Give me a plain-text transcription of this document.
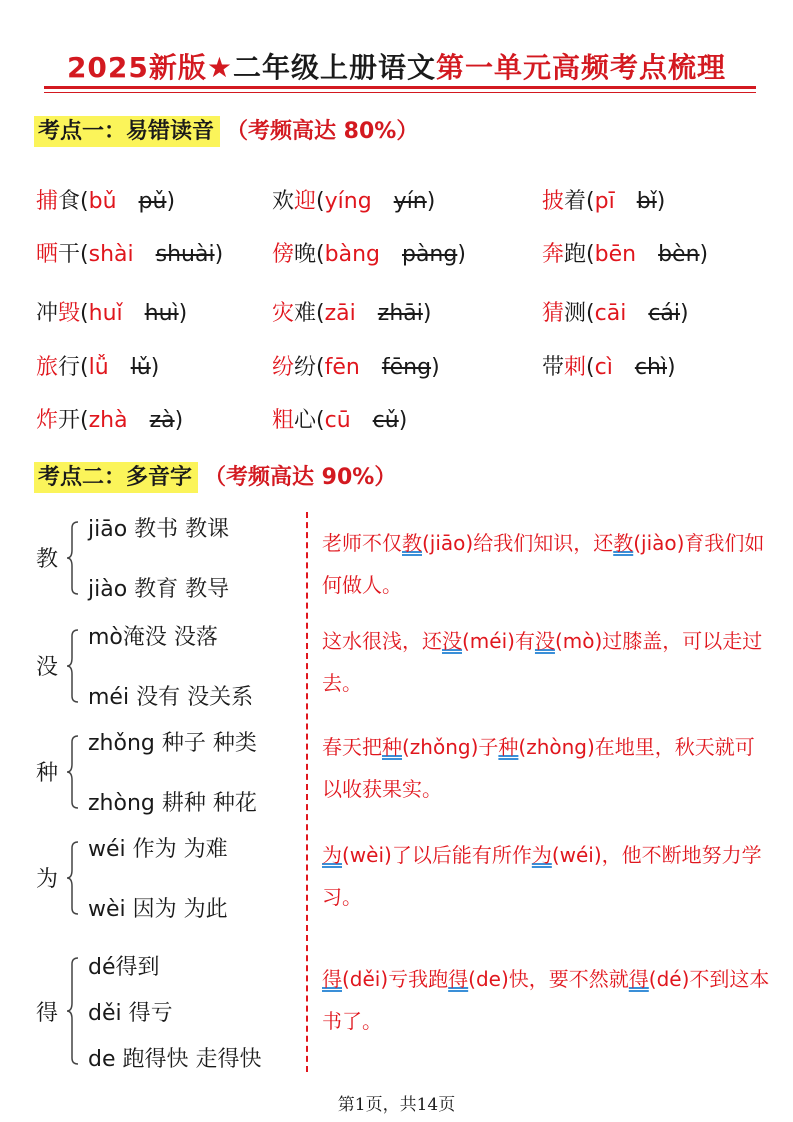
2025新版★二年级上册语文第一单元高频考点梳理
考点一：易错读音 （考频高达 80%）
捕食(bǔ pǔ)	欢迎(yíng yín)	披着(pī bǐ)
晒干(shài shuài) 傍晚(bàng pàng)	奔跑(bēn bèn)
冲毁(huǐ huì)	灾难(zāi zhāi)	猜测(cāi cái)
旅行(lǚ lǔ)	纷纷(fēn fēng)	带刺(cì chì)
炸开(zhà zà)	粗心(cū cǔ)
考点二：多音字 （考频高达 90%）
教
jiāo 教书 教课
jiào 教育 教导
老师不仅教(jiāo)给我们知识，还教(jiào)育我们如何做人。
没
mò淹没 没落
méi 没有 没关系
这水很浅，还没(méi)有没(mò)过膝盖，可以走过去。
种
zhǒng 种子 种类
zhòng 耕种 种花
春天把种(zhǒng)子种(zhòng)在地里，秋天就可以收获果实。
为
wéi 作为 为难
wèi 因为 为此
为(wèi)了以后能有所作为(wéi)，他不断地努力学习。
得
dé得到
děi 得亏
de 跑得快 走得快
得(děi)亏我跑得(de)快，要不然就得(dé)不到这本书了。
第1页，共14页
